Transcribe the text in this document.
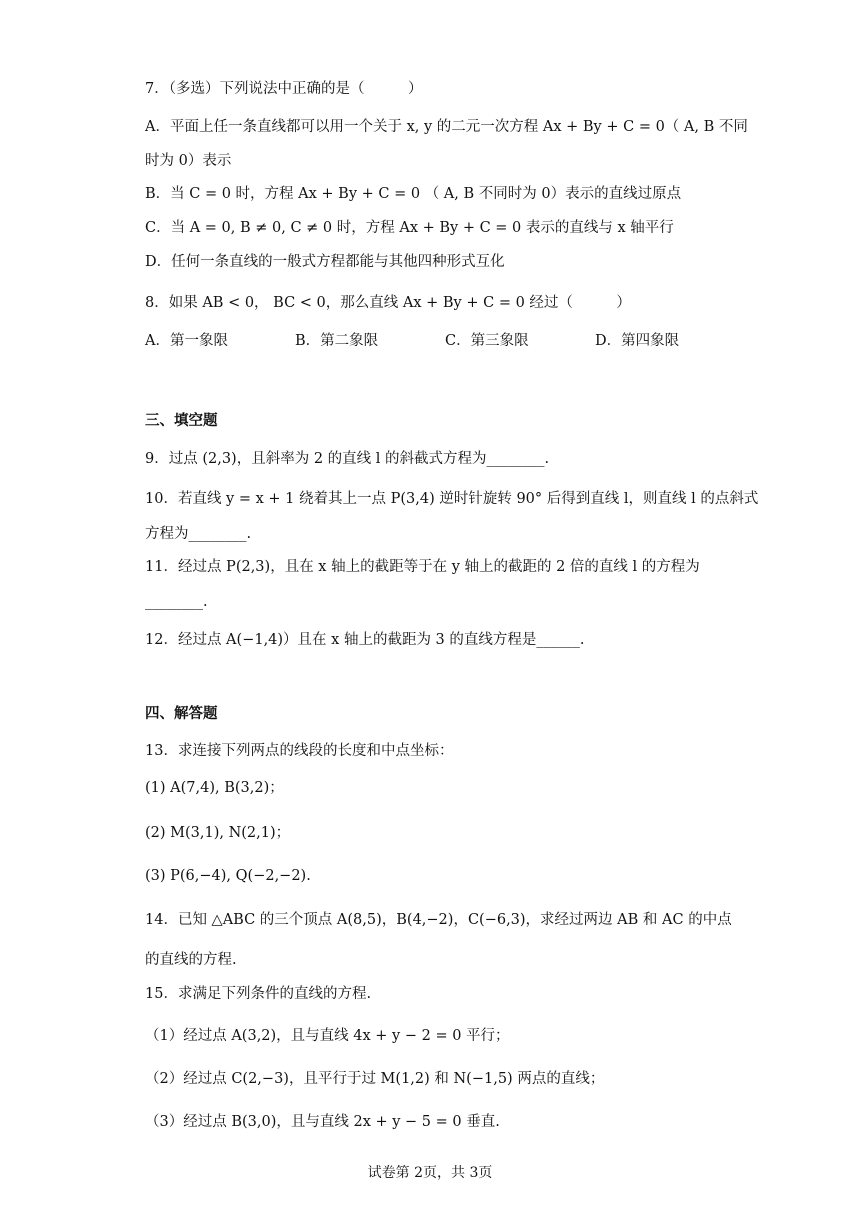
7．（多选）下列说法中正确的是（　　　）
A．平面上任一条直线都可以用一个关于 x, y 的二元一次方程 Ax + By + C = 0（ A, B 不同
时为 0）表示
B．当 C = 0 时，方程 Ax + By + C = 0 （ A, B 不同时为 0）表示的直线过原点
C．当 A = 0, B ≠ 0, C ≠ 0 时，方程 Ax + By + C = 0 表示的直线与 x 轴平行
D．任何一条直线的一般式方程都能与其他四种形式互化
8．如果 AB < 0， BC < 0，那么直线 Ax + By + C = 0 经过（　　　）
A．第一象限	B．第二象限	C．第三象限	D．第四象限
三、填空题
9．过点 (2,3)，且斜率为 2 的直线 l 的斜截式方程为________.
10．若直线 y = x + 1 绕着其上一点 P(3,4) 逆时针旋转 90° 后得到直线 l，则直线 l 的点斜式
方程为________.
11．经过点 P(2,3)，且在 x 轴上的截距等于在 y 轴上的截距的 2 倍的直线 l 的方程为
________.
12．经过点 A(−1,4)）且在 x 轴上的截距为 3 的直线方程是______.
四、解答题
13．求连接下列两点的线段的长度和中点坐标：
(1) A(7,4), B(3,2)；
(2) M(3,1), N(2,1)；
(3) P(6,−4), Q(−2,−2).
14．已知 △ABC 的三个顶点 A(8,5)，B(4,−2)，C(−6,3)，求经过两边 AB 和 AC 的中点
的直线的方程.
15．求满足下列条件的直线的方程.
（1）经过点 A(3,2)，且与直线 4x + y − 2 = 0 平行；
（2）经过点 C(2,−3)，且平行于过 M(1,2) 和 N(−1,5) 两点的直线；
（3）经过点 B(3,0)，且与直线 2x + y − 5 = 0 垂直.
试卷第 2页，共 3页
